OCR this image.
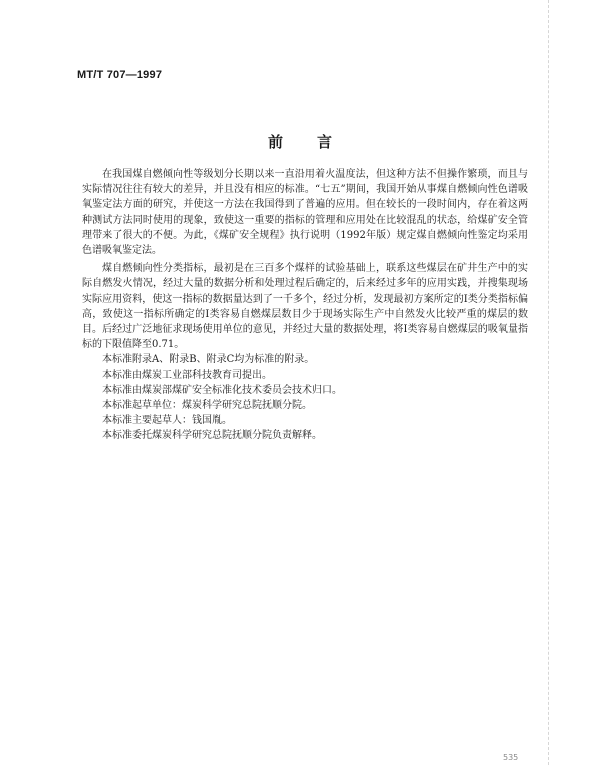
MT/T 707—1997
前言

在我国煤自燃倾向性等级划分长期以来一直沿用着火温度法，但这种方法不但操作繁琐，而且与实际情况往往有较大的差异，并且没有相应的标准。“七五”期间，我国开始从事煤自燃倾向性色谱吸氧鉴定法方面的研究，并使这一方法在我国得到了普遍的应用。但在较长的一段时间内，存在着这两种测试方法同时使用的现象，致使这一重要的指标的管理和应用处在比较混乱的状态，给煤矿安全管理带来了很大的不便。为此，《煤矿安全规程》执行说明（1992年版）规定煤自燃倾向性鉴定均采用色谱吸氧鉴定法。

煤自燃倾向性分类指标，最初是在三百多个煤样的试验基础上，联系这些煤层在矿井生产中的实际自燃发火情况，经过大量的数据分析和处理过程后确定的，后来经过多年的应用实践，并搜集现场实际应用资料，使这一指标的数据量达到了一千多个，经过分析，发现最初方案所定的Ⅰ类分类指标偏高，致使这一指标所确定的Ⅰ类容易自燃煤层数目少于现场实际生产中自然发火比较严重的煤层的数目。后经过广泛地征求现场使用单位的意见，并经过大量的数据处理，将Ⅰ类容易自燃煤层的吸氧量指标的下限值降至0.71。

本标准附录A、附录B、附录C均为标准的附录。

本标准由煤炭工业部科技教育司提出。

本标准由煤炭部煤矿安全标准化技术委员会技术归口。

本标准起草单位：煤炭科学研究总院抚顺分院。

本标准主要起草人：钱国胤。

本标准委托煤炭科学研究总院抚顺分院负责解释。

535
